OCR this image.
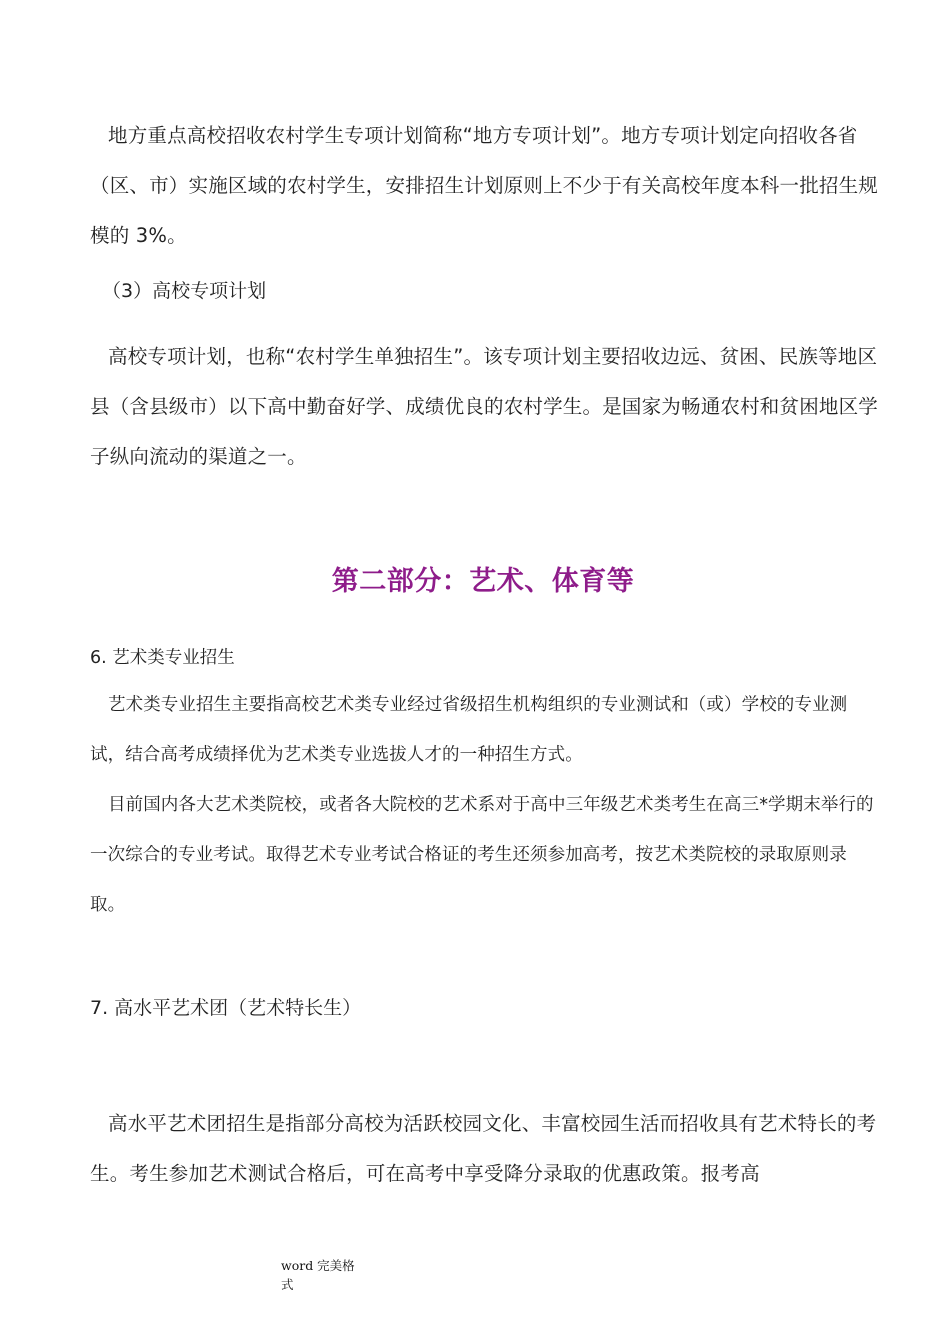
地方重点高校招收农村学生专项计划简称“地方专项计划”。地方专项计划定向招收各省（区、市）实施区域的农村学生，安排招生计划原则上不少于有关高校年度本科一批招生规模的 3%。

（3）高校专项计划

高校专项计划，也称“农村学生单独招生”。该专项计划主要招收边远、贫困、民族等地区县（含县级市）以下高中勤奋好学、成绩优良的农村学生。是国家为畅通农村和贫困地区学子纵向流动的渠道之一。

第二部分：艺术、体育等

6. 艺术类专业招生

艺术类专业招生主要指高校艺术类专业经过省级招生机构组织的专业测试和（或）学校的专业测试，结合高考成绩择优为艺术类专业选拔人才的一种招生方式。

目前国内各大艺术类院校，或者各大院校的艺术系对于高中三年级艺术类考生在高三*学期末举行的一次综合的专业考试。取得艺术专业考试合格证的考生还须参加高考，按艺术类院校的录取原则录取。

7. 高水平艺术团（艺术特长生）

高水平艺术团招生是指部分高校为活跃校园文化、丰富校园生活而招收具有艺术特长的考生。考生参加艺术测试合格后，可在高考中享受降分录取的优惠政策。报考高

word 完美格式
